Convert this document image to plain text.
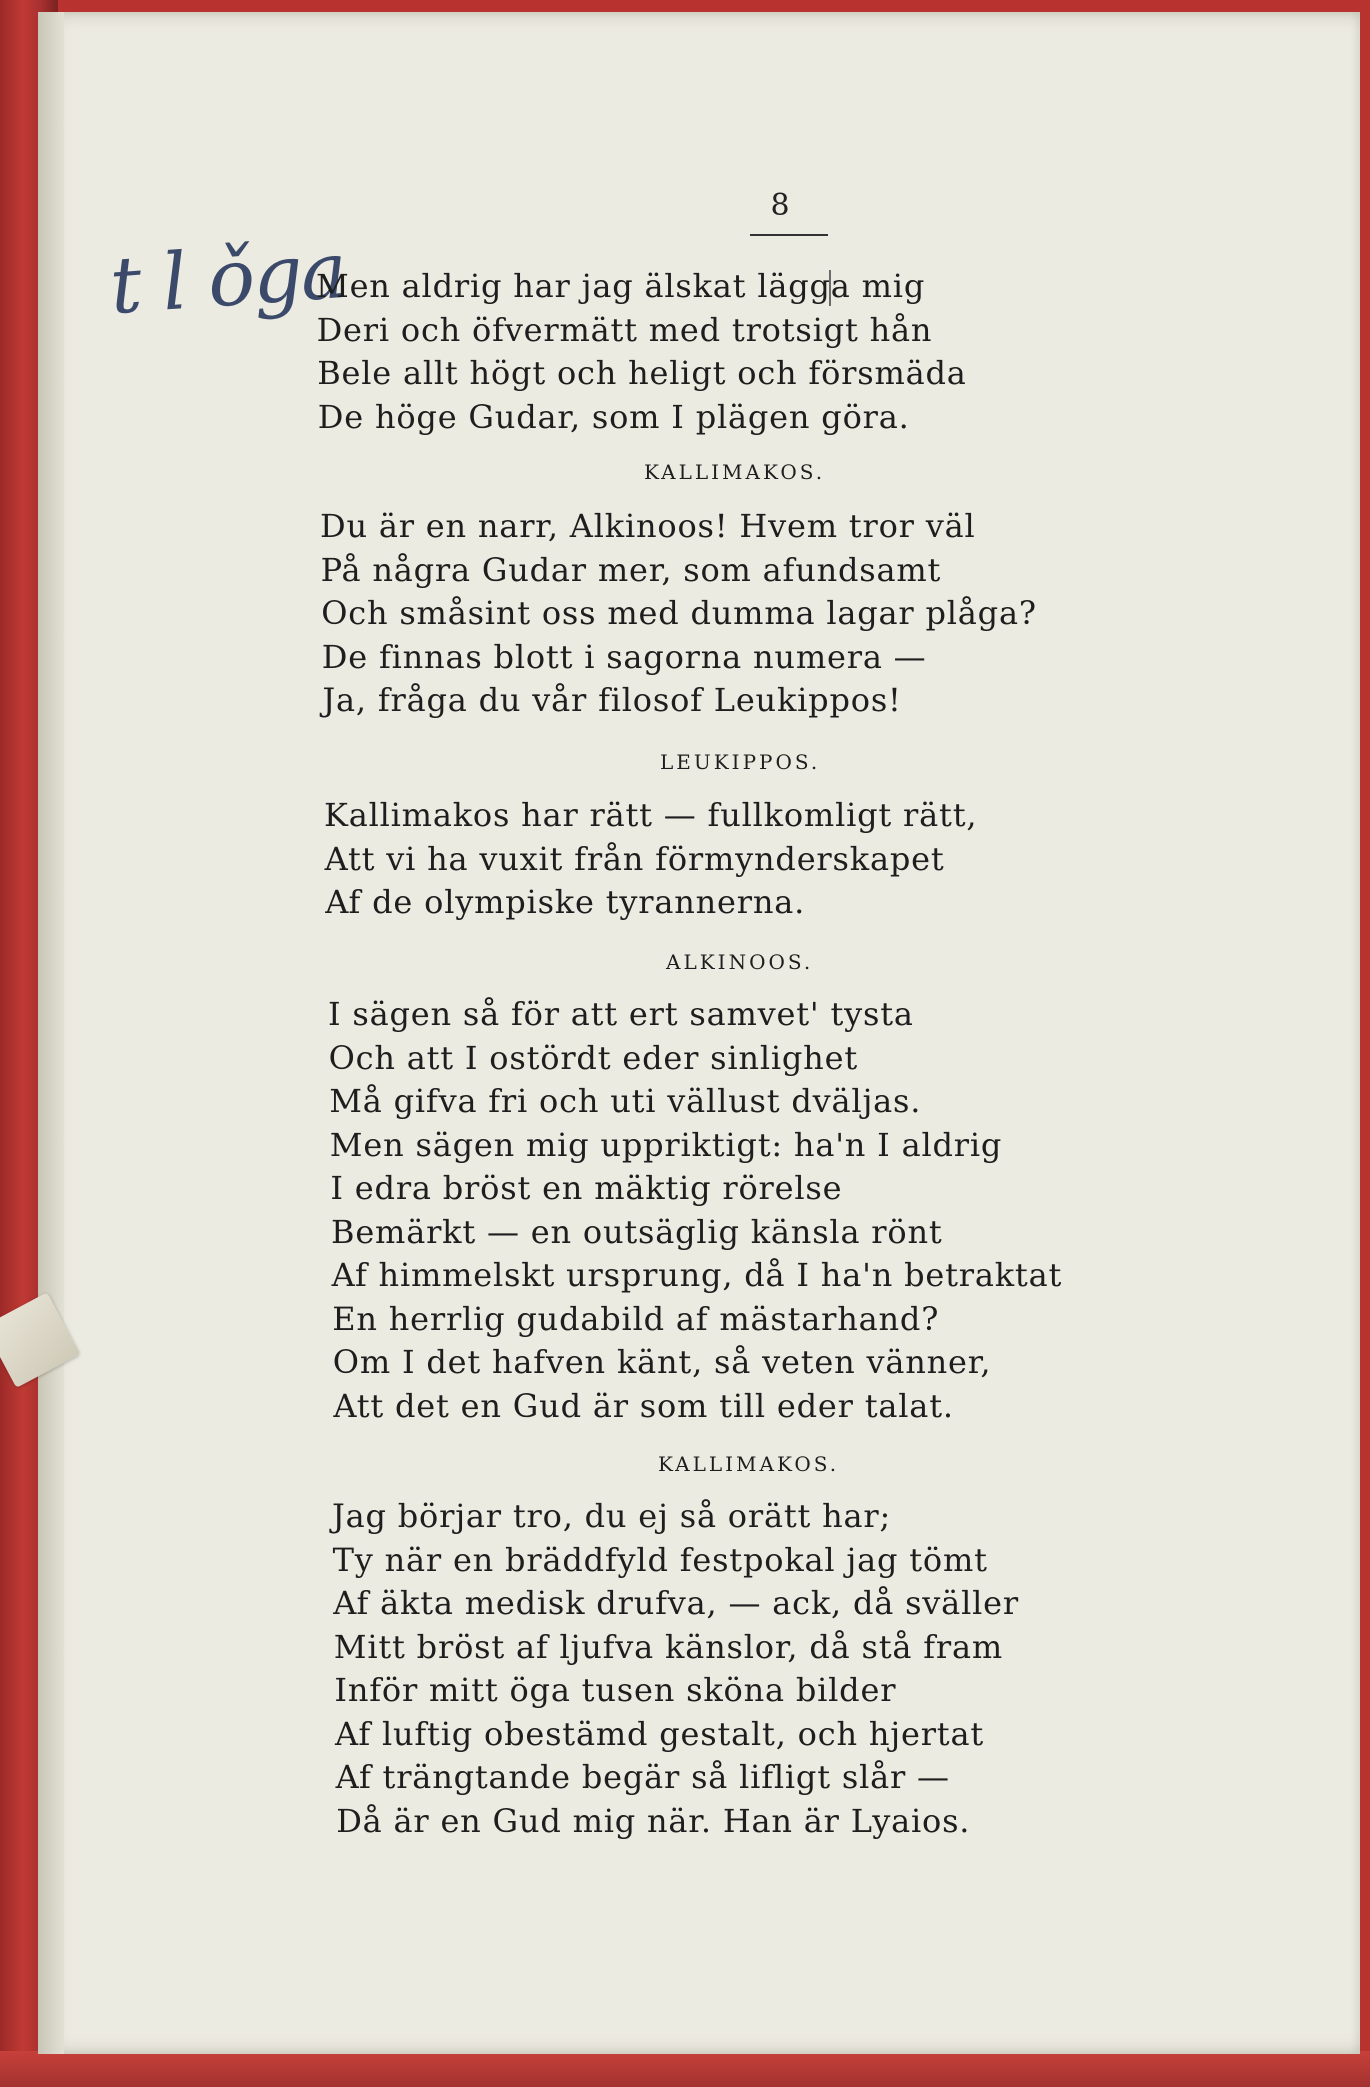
8
t l ǒga
Men aldrig har jag älskat lägga mig
Deri och öfvermätt med trotsigt hån
Bele allt högt och heligt och försmäda
De höge Gudar, som I plägen göra.
KALLIMAKOS.
Du är en narr, Alkinoos! Hvem tror väl
På några Gudar mer, som afundsamt
Och småsint oss med dumma lagar plåga?
De finnas blott i sagorna numera —
Ja, fråga du vår filosof Leukippos!
LEUKIPPOS.
Kallimakos har rätt — fullkomligt rätt,
Att vi ha vuxit från förmynderskapet
Af de olympiske tyrannerna.
ALKINOOS.
I sägen så för att ert samvet' tysta
Och att I ostördt eder sinlighet
Må gifva fri och uti vällust dväljas.
Men sägen mig uppriktigt: ha'n I aldrig
I edra bröst en mäktig rörelse
Bemärkt — en outsäglig känsla rönt
Af himmelskt ursprung, då I ha'n betraktat
En herrlig gudabild af mästarhand?
Om I det hafven känt, så veten vänner,
Att det en Gud är som till eder talat.
KALLIMAKOS.
Jag börjar tro, du ej så orätt har;
Ty när en bräddfyld festpokal jag tömt
Af äkta medisk drufva, — ack, då sväller
Mitt bröst af ljufva känslor, då stå fram
Inför mitt öga tusen sköna bilder
Af luftig obestämd gestalt, och hjertat
Af trängtande begär så lifligt slår —
Då är en Gud mig när. Han är Lyaios.
